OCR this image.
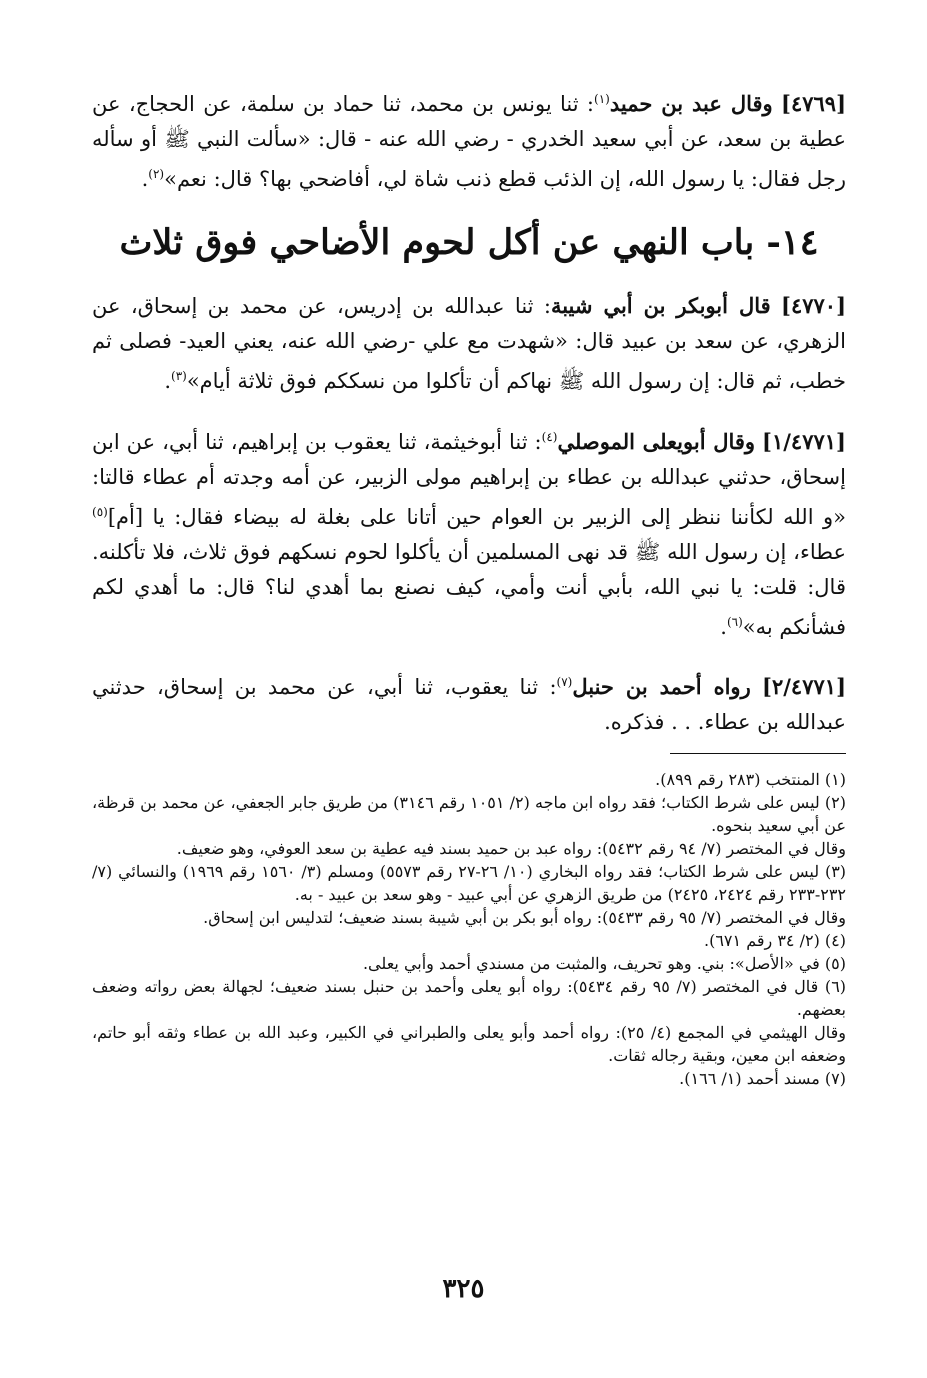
[٤٧٦٩] وقال عبد بن حميد$^{(١)}$: ثنا يونس بن محمد، ثنا حماد بن سلمة، عن الحجاج، عن عطية بن سعد، عن أبي سعيد الخدري - رضي الله عنه - قال: «سألت النبي ﷺ أو سأله رجل فقال: يا رسول الله، إن الذئب قطع ذنب شاة لي، أفاضحي بها؟ قال: نعم»$^{(٢)}$.
١٤- باب النهي عن أكل لحوم الأضاحي فوق ثلاث
[٤٧٧٠] قال أبوبكر بن أبي شيبة: ثنا عبدالله بن إدريس، عن محمد بن إسحاق، عن الزهري، عن سعد بن عبيد قال: «شهدت مع علي -رضي الله عنه، يعني العيد- فصلى ثم خطب، ثم قال: إن رسول الله ﷺ نهاكم أن تأكلوا من نسككم فوق ثلاثة أيام»$^{(٣)}$.
[١/٤٧٧١] وقال أبويعلى الموصلي$^{(٤)}$: ثنا أبوخيثمة، ثنا يعقوب بن إبراهيم، ثنا أبي، عن ابن إسحاق، حدثني عبدالله بن عطاء بن إبراهيم مولى الزبير، عن أمه وجدته أم عطاء قالتا: «و الله لكأننا ننظر إلى الزبير بن العوام حين أتانا على بغلة له بيضاء فقال: يا [أم]$^{(٥)}$ عطاء، إن رسول الله ﷺ قد نهى المسلمين أن يأكلوا لحوم نسكهم فوق ثلاث، فلا تأكلنه. قال: قلت: يا نبي الله، بأبي أنت وأمي، كيف نصنع بما أهدي لنا؟ قال: ما أهدي لكم فشأنكم به»$^{(٦)}$.
[٢/٤٧٧١] رواه أحمد بن حنبل$^{(٧)}$: ثنا يعقوب، ثنا أبي، عن محمد بن إسحاق، حدثني عبدالله بن عطاء. . . فذكره.
(١) المنتخب (٢٨٣ رقم ٨٩٩).
(٢) ليس على شرط الكتاب؛ فقد رواه ابن ماجه (٢/ ١٠٥١ رقم ٣١٤٦) من طريق جابر الجعفي، عن محمد بن قرظة، عن أبي سعيد بنحوه.
وقال في المختصر (٧/ ٩٤ رقم ٥٤٣٢): رواه عبد بن حميد بسند فيه عطية بن سعد العوفي، وهو ضعيف.
(٣) ليس على شرط الكتاب؛ فقد رواه البخاري (١٠/ ٢٦-٢٧ رقم ٥٥٧٣) ومسلم (٣/ ١٥٦٠ رقم ١٩٦٩) والنسائي (٧/ ٢٣٢-٢٣٣ رقم ٢٤٢٤، ٢٤٢٥) من طريق الزهري عن أبي عبيد - وهو سعد بن عبيد - به.
وقال في المختصر (٧/ ٩٥ رقم ٥٤٣٣): رواه أبو بكر بن أبي شيبة بسند ضعيف؛ لتدليس ابن إسحاق.
(٤) (٢/ ٣٤ رقم ٦٧١).
(٥) في «الأصل»: بني. وهو تحريف، والمثبت من مسندي أحمد وأبي يعلى.
(٦) قال في المختصر (٧/ ٩٥ رقم ٥٤٣٤): رواه أبو يعلى وأحمد بن حنبل بسند ضعيف؛ لجهالة بعض رواته وضعف بعضهم.
وقال الهيثمي في المجمع (٤/ ٢٥): رواه أحمد وأبو يعلى والطبراني في الكبير، وعبد الله بن عطاء وثقه أبو حاتم، وضعفه ابن معين، وبقية رجاله ثقات.
(٧) مسند أحمد (١/ ١٦٦).
٣٢٥
